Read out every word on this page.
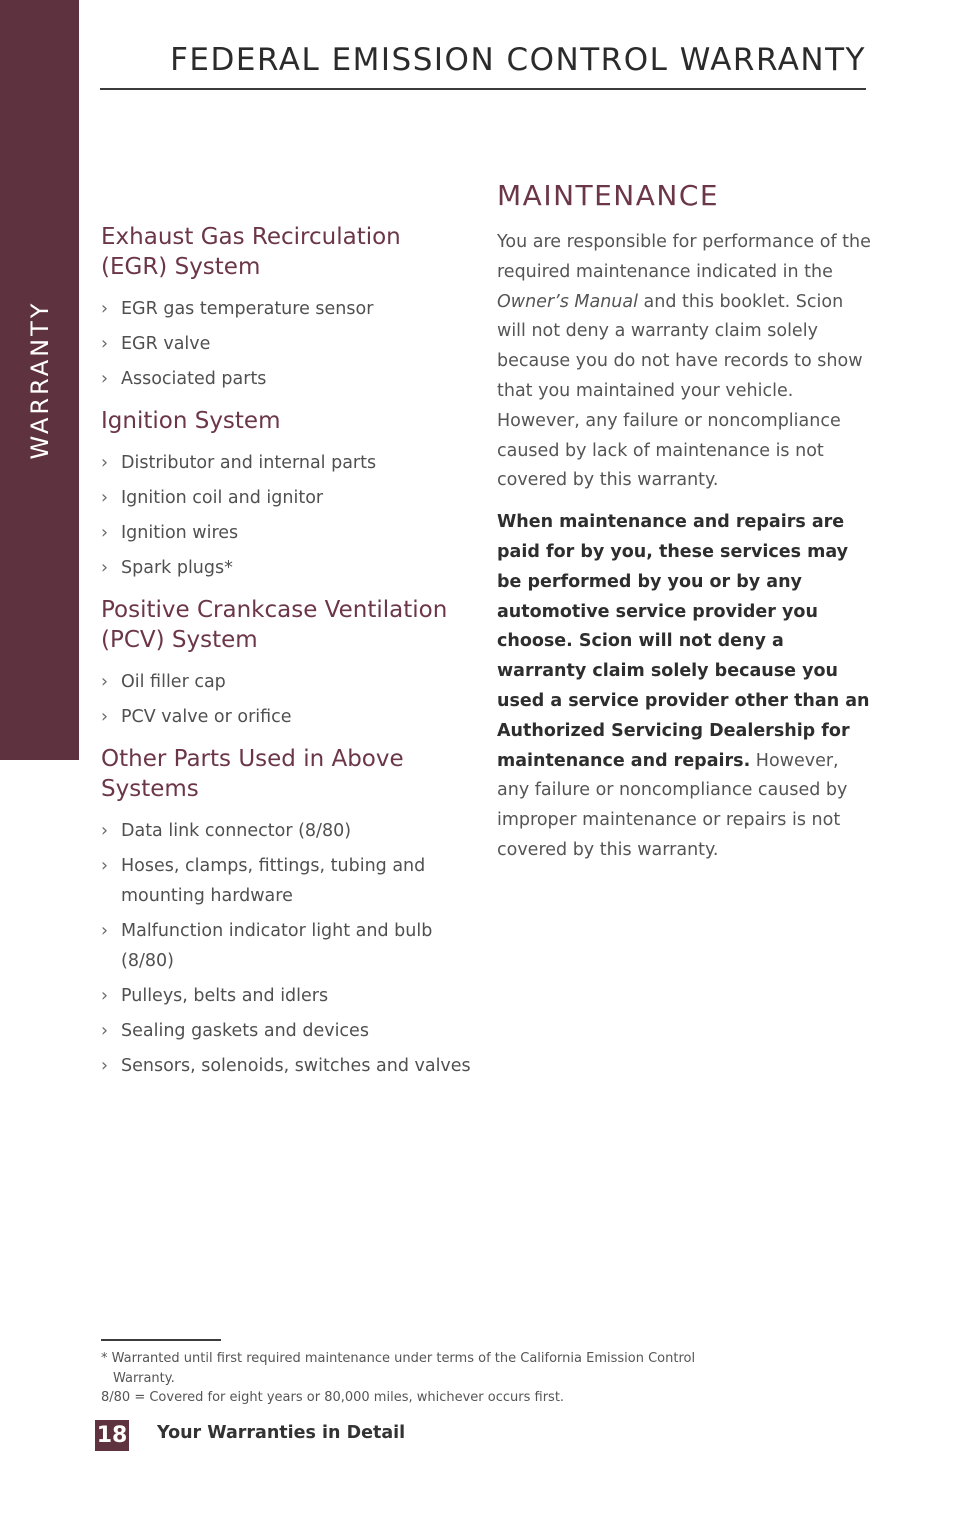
WARRANTY
FEDERAL EMISSION CONTROL WARRANTY
Exhaust Gas Recirculation (EGR) System
› EGR gas temperature sensor
› EGR valve
› Associated parts
Ignition System
› Distributor and internal parts
› Ignition coil and ignitor
› Ignition wires
› Spark plugs*
Positive Crankcase Ventilation (PCV) System
› Oil filler cap
› PCV valve or orifice
Other Parts Used in Above Systems
› Data link connector (8/80)
› Hoses, clamps, fittings, tubing and mounting hardware
› Malfunction indicator light and bulb (8/80)
› Pulleys, belts and idlers
› Sealing gaskets and devices
› Sensors, solenoids, switches and valves
MAINTENANCE

You are responsible for performance of the required maintenance indicated in the Owner’s Manual and this booklet. Scion will not deny a warranty claim solely because you do not have records to show that you maintained your vehicle. However, any failure or noncompliance caused by lack of maintenance is not covered by this warranty.

When maintenance and repairs are paid for by you, these services may be performed by you or by any automotive service provider you choose. Scion will not deny a warranty claim solely because you used a service provider other than an Authorized Servicing Dealership for maintenance and repairs. However, any failure or noncompliance caused by improper maintenance or repairs is not covered by this warranty.

* Warranted until first required maintenance under terms of the California Emission Control

Warranty.

8/80 = Covered for eight years or 80,000 miles, whichever occurs first.

18 Your Warranties in Detail
